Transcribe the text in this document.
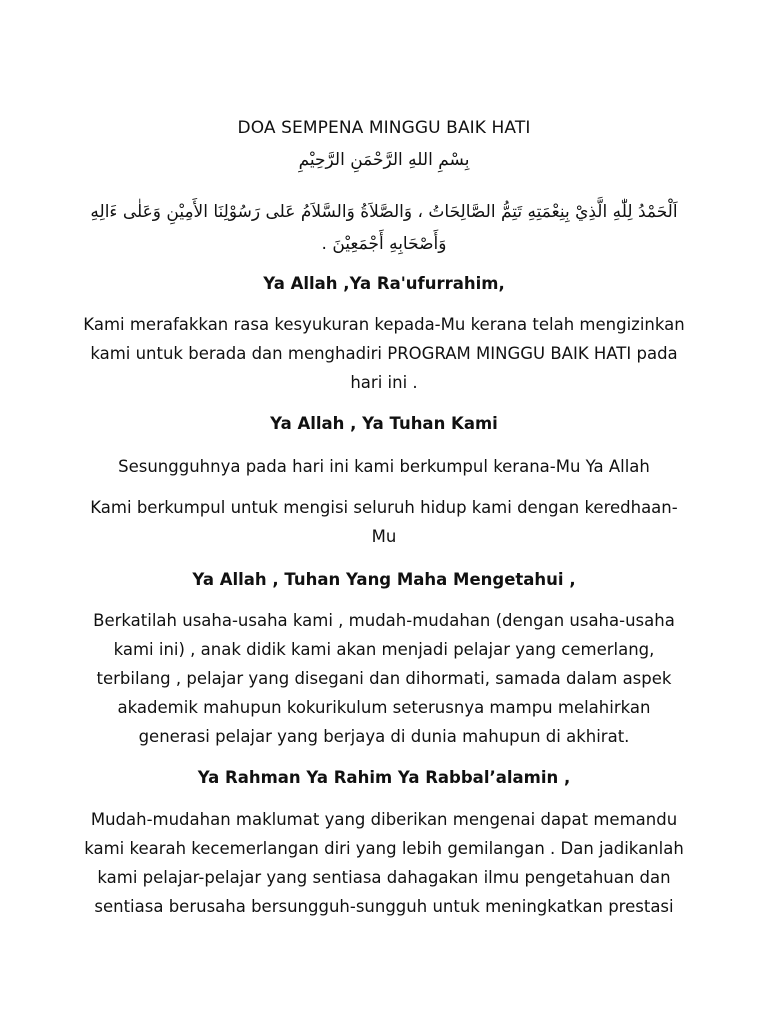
DOA SEMPENA MINGGU BAIK HATI
بِسْمِ اللهِ الرَّحْمَنِ الرَّحِيْمِ
اَلْحَمْدُ لِلّٰهِ الَّذِيْ بِنِعْمَتِهِ تَتِمُّ الصَّالِحَاتُ ، وَالصَّلاَةُ وَالسَّلاَمُ عَلى رَسُوْلِنَا الأَمِيْنِ وَعَلٰى ءَالِهِ
وَأَصْحَابِهِ أَجْمَعِيْنَ .
Ya Allah ,Ya Ra'ufurrahim,
Kami merafakkan rasa kesyukuran kepada-Mu kerana telah mengizinkan
kami untuk berada dan menghadiri PROGRAM MINGGU BAIK HATI pada
hari ini .
Ya Allah , Ya Tuhan Kami
Sesungguhnya pada hari ini kami berkumpul kerana-Mu Ya Allah
Kami berkumpul untuk mengisi seluruh hidup kami dengan keredhaan-
Mu
Ya Allah , Tuhan Yang Maha Mengetahui ,
Berkatilah usaha-usaha kami , mudah-mudahan (dengan usaha-usaha
kami ini) , anak didik kami akan menjadi pelajar yang cemerlang,
terbilang , pelajar yang disegani dan dihormati, samada dalam aspek
akademik mahupun kokurikulum seterusnya mampu melahirkan
generasi pelajar yang berjaya di dunia mahupun di akhirat.
Ya Rahman Ya Rahim Ya Rabbal’alamin ,
Mudah-mudahan maklumat yang diberikan mengenai dapat memandu
kami kearah kecemerlangan diri yang lebih gemilangan . Dan jadikanlah
kami pelajar-pelajar yang sentiasa dahagakan ilmu pengetahuan dan
sentiasa berusaha bersungguh-sungguh untuk meningkatkan prestasi
